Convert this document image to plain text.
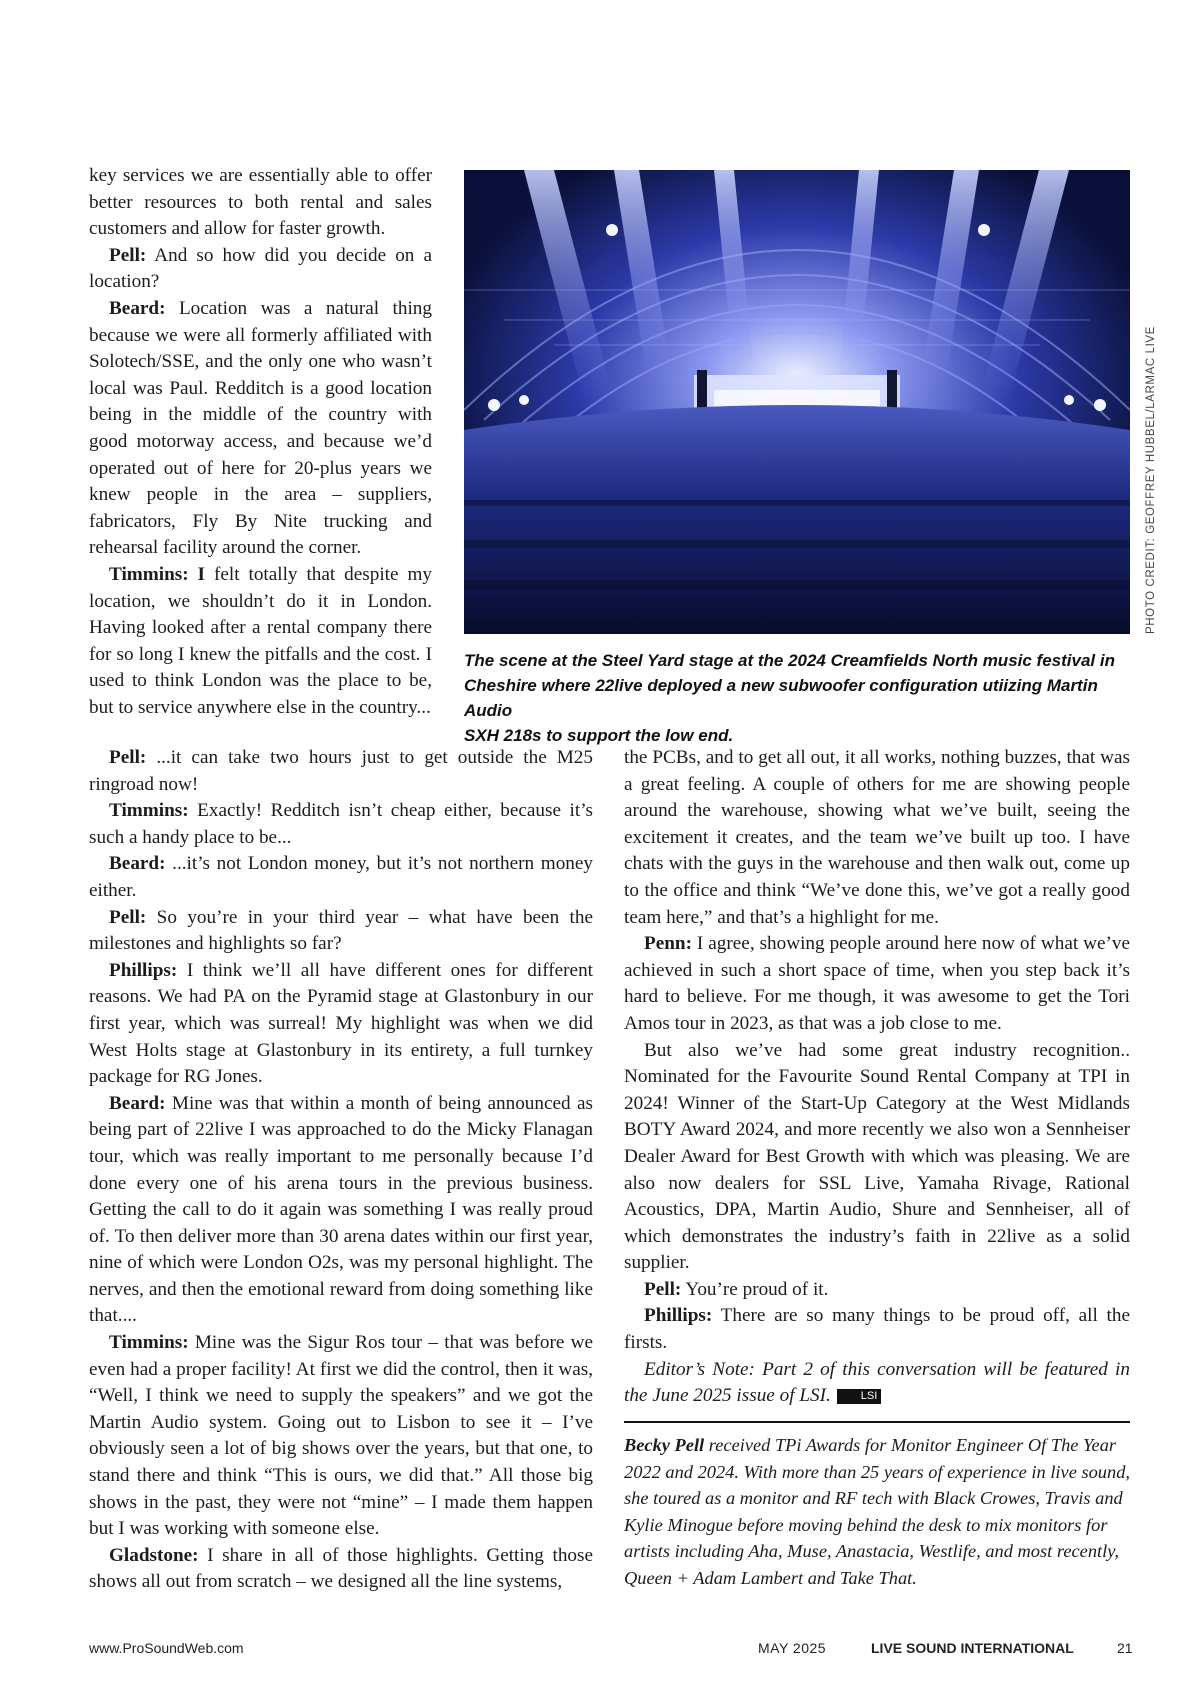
key services we are essentially able to offer better resources to both rental and sales customers and allow for faster growth.

Pell: And so how did you decide on a location?

Beard: Location was a natural thing because we were all formerly affiliated with Solotech/SSE, and the only one who wasn’t local was Paul. Redditch is a good location being in the middle of the country with good motorway access, and because we’d operated out of here for 20-plus years we knew people in the area – suppliers, fabricators, Fly By Nite trucking and rehearsal facility around the corner.

Timmins: I felt totally that despite my location, we shouldn’t do it in London. Having looked after a rental company there for so long I knew the pitfalls and the cost. I used to think London was the place to be, but to service anywhere else in the country...

PHOTO CREDIT: GEOFFREY HUBBEL/LARMAC LIVE
The scene at the Steel Yard stage at the 2024 Creamfields North music festival in
Cheshire where 22live deployed a new subwoofer configuration utiizing Martin Audio
SXH 218s to support the low end.

Pell: ...it can take two hours just to get outside the M25 ringroad now!

Timmins: Exactly! Redditch isn’t cheap either, because it’s such a handy place to be...

Beard: ...it’s not London money, but it’s not northern money either.

Pell: So you’re in your third year – what have been the milestones and highlights so far?

Phillips: I think we’ll all have different ones for different reasons. We had PA on the Pyramid stage at Glastonbury in our first year, which was surreal! My highlight was when we did West Holts stage at Glastonbury in its entirety, a full turnkey package for RG Jones.

Beard: Mine was that within a month of being announced as being part of 22live I was approached to do the Micky Flanagan tour, which was really important to me personally because I’d done every one of his arena tours in the previous business. Getting the call to do it again was something I was really proud of. To then deliver more than 30 arena dates within our first year, nine of which were London O2s, was my personal highlight. The nerves, and then the emotional reward from doing something like that....

Timmins: Mine was the Sigur Ros tour – that was before we even had a proper facility! At first we did the control, then it was, “Well, I think we need to supply the speakers” and we got the Martin Audio system. Going out to Lisbon to see it – I’ve obviously seen a lot of big shows over the years, but that one, to stand there and think “This is ours, we did that.” All those big shows in the past, they were not “mine” – I made them happen but I was working with someone else.

Gladstone: I share in all of those highlights. Getting those shows all out from scratch – we designed all the line systems,

the PCBs, and to get all out, it all works, nothing buzzes, that was a great feeling. A couple of others for me are showing people around the warehouse, showing what we’ve built, seeing the excitement it creates, and the team we’ve built up too. I have chats with the guys in the warehouse and then walk out, come up to the office and think “We’ve done this, we’ve got a really good team here,” and that’s a highlight for me.

Penn: I agree, showing people around here now of what we’ve achieved in such a short space of time, when you step back it’s hard to believe. For me though, it was awesome to get the Tori Amos tour in 2023, as that was a job close to me.

But also we’ve had some great industry recognition.. Nominated for the Favourite Sound Rental Company at TPI in 2024! Winner of the Start-Up Category at the West Midlands BOTY Award 2024, and more recently we also won a Sennheiser Dealer Award for Best Growth with which was pleasing. We are also now dealers for SSL Live, Yamaha Rivage, Rational Acoustics, DPA, Martin Audio, Shure and Sennheiser, all of which demonstrates the industry’s faith in 22live as a solid supplier.

Pell: You’re proud of it.

Phillips: There are so many things to be proud off, all the firsts.

Editor’s Note: Part 2 of this conversation will be featured in the June 2025 issue of LSI.	LSI

Becky Pell received TPi Awards for Monitor Engineer Of The Year 2022 and 2024. With more than 25 years of experience in live sound, she toured as a monitor and RF tech with Black Crowes, Travis and Kylie Minogue before moving behind the desk to mix monitors for artists including Aha, Muse, Anastacia, Westlife, and most recently, Queen + Adam Lambert and Take That.
www.ProSoundWeb.com	MAY 2025	LIVE SOUND INTERNATIONAL	21
